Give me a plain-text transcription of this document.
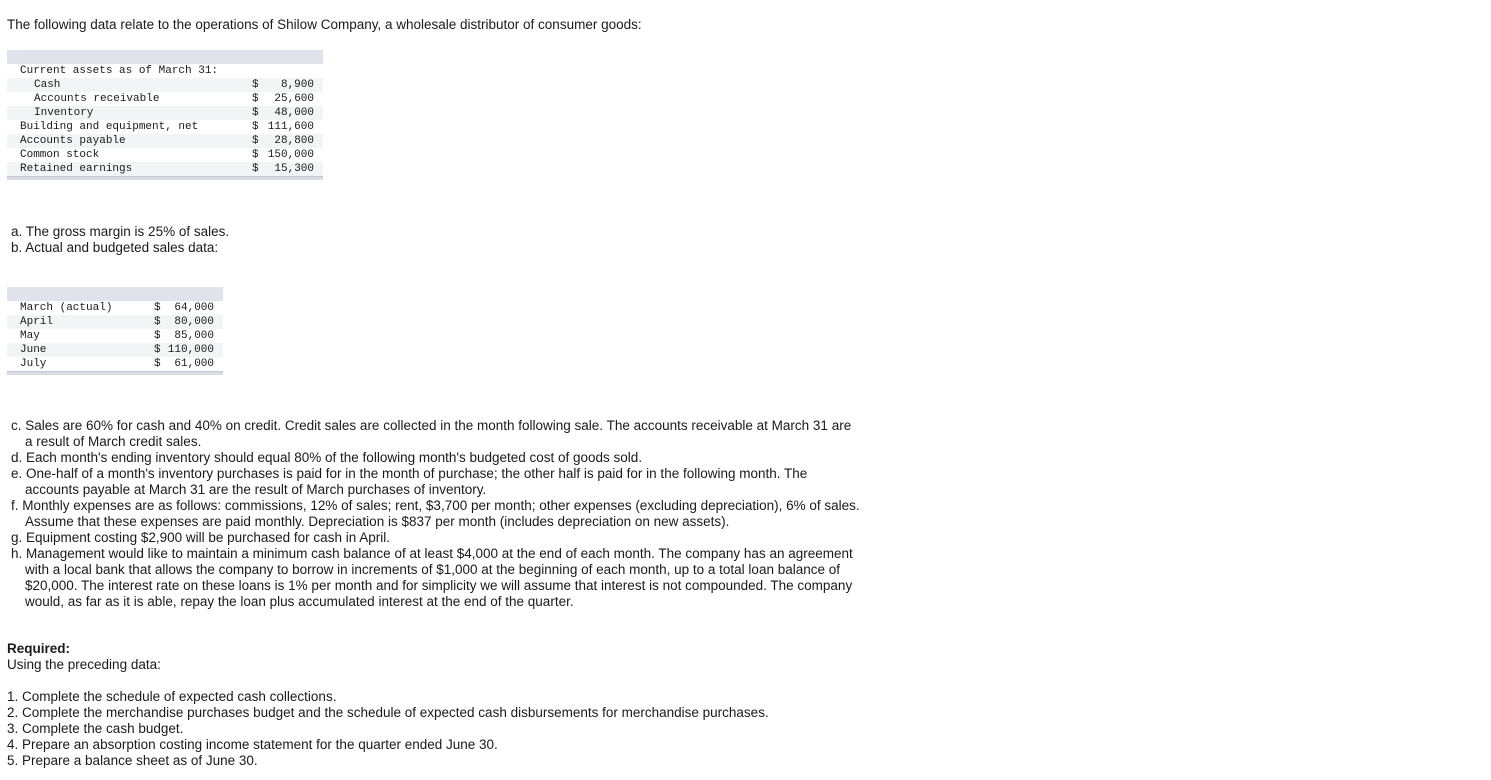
The following data relate to the operations of Shilow Company, a wholesale distributor of consumer goods:
Current assets as of March 31:		
Cash	$	8,900
Accounts receivable	$	25,600
Inventory	$	48,000
Building and equipment, net	$	111,600
Accounts payable	$	28,800
Common stock	$	150,000
Retained earnings	$	15,300
a. The gross margin is 25% of sales.
b. Actual and budgeted sales data:
March (actual)	$	64,000
April	$	80,000
May	$	85,000
June	$	110,000
July	$	61,000
c. Sales are 60% for cash and 40% on credit. Credit sales are collected in the month following sale. The accounts receivable at March 31 are a result of March credit sales.
d. Each month's ending inventory should equal 80% of the following month's budgeted cost of goods sold.
e. One-half of a month's inventory purchases is paid for in the month of purchase; the other half is paid for in the following month. The accounts payable at March 31 are the result of March purchases of inventory.
f. Monthly expenses are as follows: commissions, 12% of sales; rent, $3,700 per month; other expenses (excluding depreciation), 6% of sales. Assume that these expenses are paid monthly. Depreciation is $837 per month (includes depreciation on new assets).
g. Equipment costing $2,900 will be purchased for cash in April.
h. Management would like to maintain a minimum cash balance of at least $4,000 at the end of each month. The company has an agreement with a local bank that allows the company to borrow in increments of $1,000 at the beginning of each month, up to a total loan balance of $20,000. The interest rate on these loans is 1% per month and for simplicity we will assume that interest is not compounded. The company would, as far as it is able, repay the loan plus accumulated interest at the end of the quarter.
Required:
Using the preceding data:
1. Complete the schedule of expected cash collections.
2. Complete the merchandise purchases budget and the schedule of expected cash disbursements for merchandise purchases.
3. Complete the cash budget.
4. Prepare an absorption costing income statement for the quarter ended June 30.
5. Prepare a balance sheet as of June 30.
